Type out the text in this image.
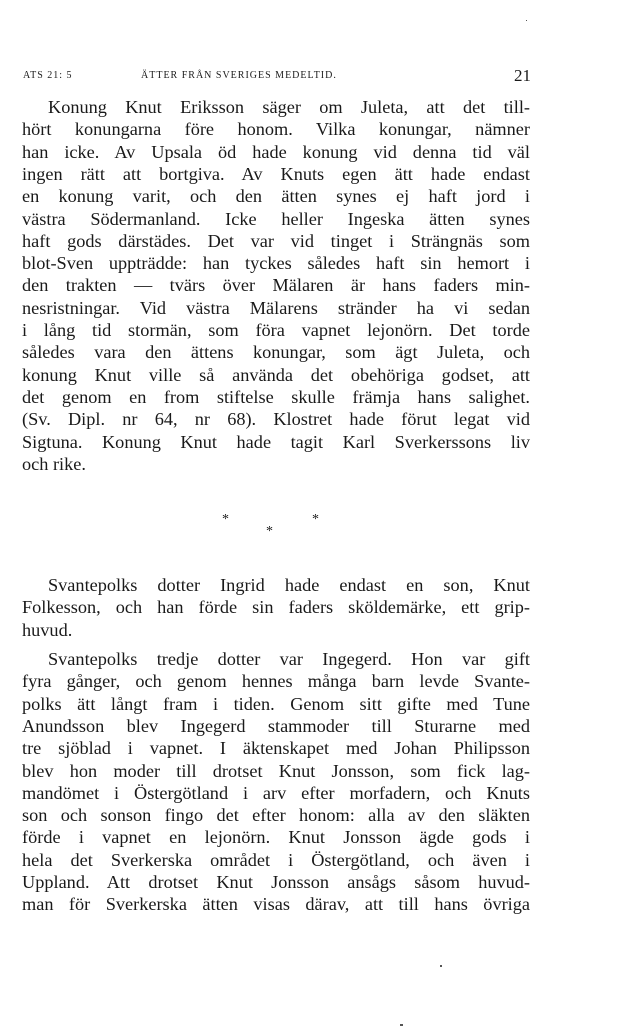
ATS 21: 5	ÄTTER FRÅN SVERIGES MEDELTID.	21
Konung Knut Eriksson säger om Juleta, att det till-
hört konungarna före honom. Vilka konungar, nämner
han icke. Av Upsala öd hade konung vid denna tid väl
ingen rätt att bortgiva. Av Knuts egen ätt hade endast
en konung varit, och den ätten synes ej haft jord i
västra Södermanland. Icke heller Ingeska ätten synes
haft gods därstädes. Det var vid tinget i Strängnäs som
blot-Sven uppträdde: han tyckes således haft sin hemort i
den trakten — tvärs över Mälaren är hans faders min-
nesristningar. Vid västra Mälarens stränder ha vi sedan
i lång tid stormän, som föra vapnet lejonörn. Det torde
således vara den ättens konungar, som ägt Juleta, och
konung Knut ville så använda det obehöriga godset, att
det genom en from stiftelse skulle främja hans salighet.
(Sv. Dipl. nr 64, nr 68). Klostret hade förut legat vid
Sigtuna. Konung Knut hade tagit Karl Sverkerssons liv
och rike.
Svantepolks dotter Ingrid hade endast en son, Knut
Folkesson, och han förde sin faders sköldemärke, ett grip-
huvud.
Svantepolks tredje dotter var Ingegerd. Hon var gift
fyra gånger, och genom hennes många barn levde Svante-
polks ätt långt fram i tiden. Genom sitt gifte med Tune
Anundsson blev Ingegerd stammoder till Sturarne med
tre sjöblad i vapnet. I äktenskapet med Johan Philipsson
blev hon moder till drotset Knut Jonsson, som fick lag-
mandömet i Östergötland i arv efter morfadern, och Knuts
son och sonson fingo det efter honom: alla av den släkten
förde i vapnet en lejonörn. Knut Jonsson ägde gods i
hela det Sverkerska området i Östergötland, och även i
Uppland. Att drotset Knut Jonsson ansågs såsom huvud-
man för Sverkerska ätten visas därav, att till hans övriga
*
*
*
